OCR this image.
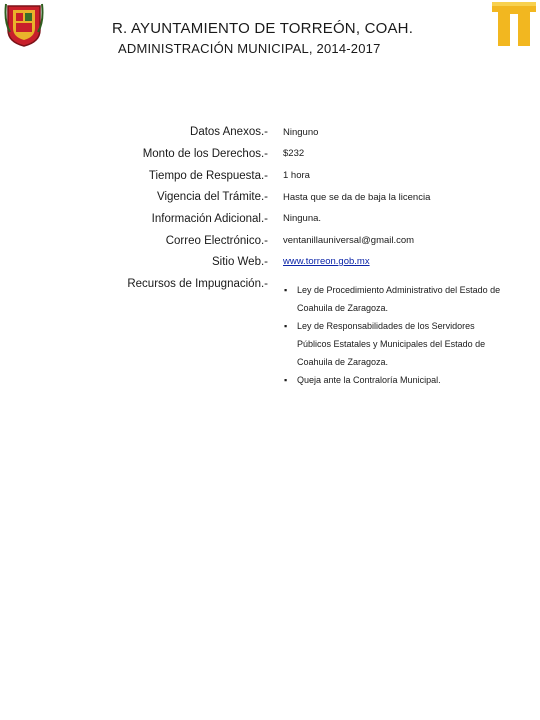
R. AYUNTAMIENTO DE TORREÓN, COAH.
ADMINISTRACIÓN MUNICIPAL, 2014-2017
Datos Anexos.-
Monto de los Derechos.-
Tiempo de Respuesta.-
Vigencia del Trámite.-
Información Adicional.-
Correo Electrónico.-
Sitio Web.-
Recursos de Impugnación.-
Ninguno
$232
1 hora
Hasta que se da de baja la licencia
Ninguna.
ventanillauniversal@gmail.com
www.torreon.gob.mx
▪ Ley de Procedimiento Administrativo del Estado de Coahuila de Zaragoza.
▪ Ley de Responsabilidades de los Servidores Públicos Estatales y Municipales del Estado de Coahuila de Zaragoza.
▪ Queja ante la Contraloría Municipal.
